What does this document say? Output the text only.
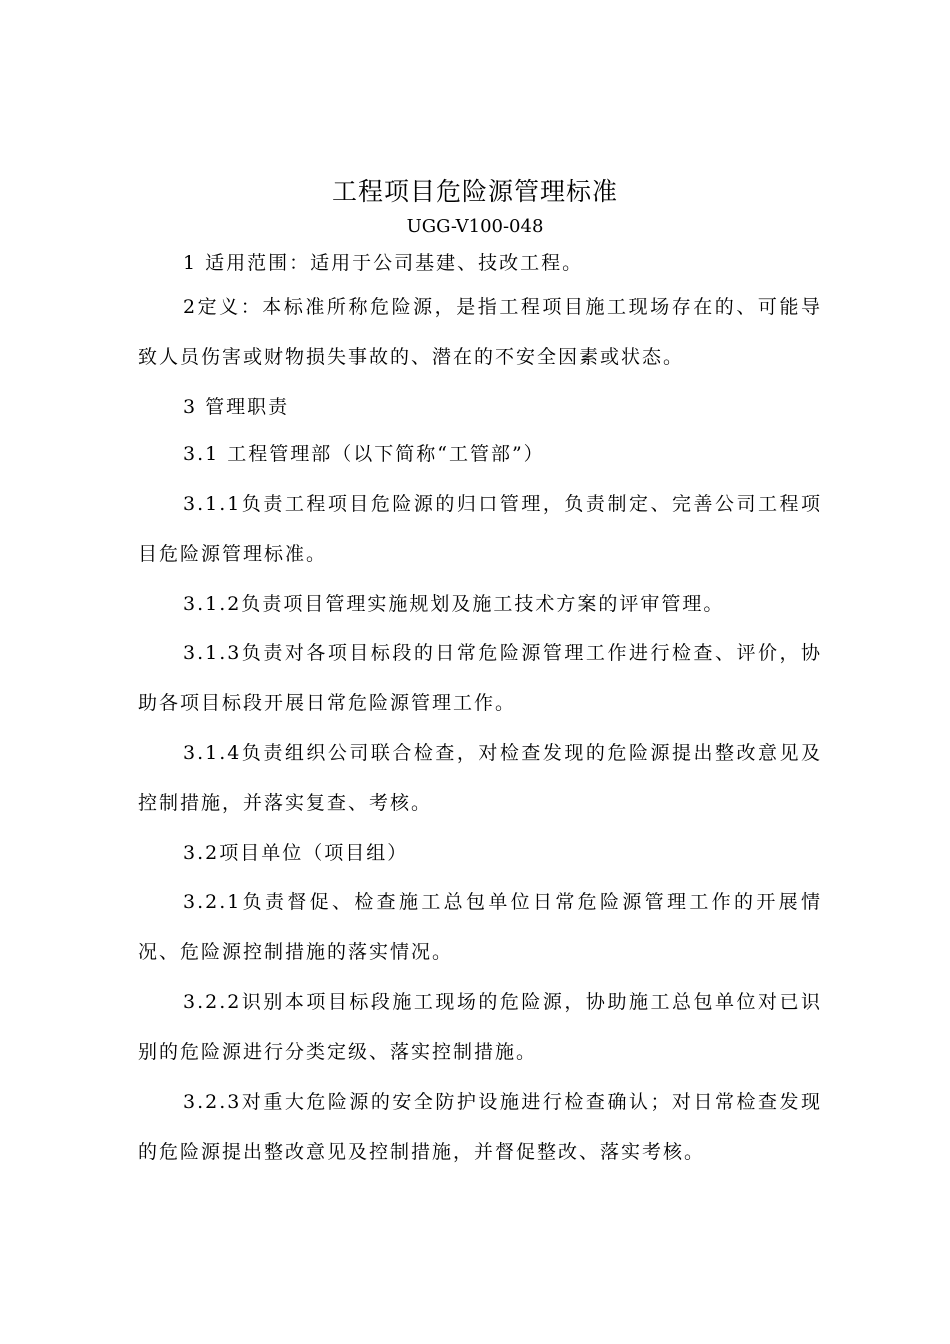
工程项目危险源管理标准
UGG-V100-048

1 适用范围：适用于公司基建、技改工程。

2定义：本标准所称危险源，是指工程项目施工现场存在的、可能导致人员伤害或财物损失事故的、潜在的不安全因素或状态。

3 管理职责

3.1 工程管理部（以下简称“工管部”）

3.1.1负责工程项目危险源的归口管理，负责制定、完善公司工程项目危险源管理标准。

3.1.2负责项目管理实施规划及施工技术方案的评审管理。

3.1.3负责对各项目标段的日常危险源管理工作进行检查、评价，协助各项目标段开展日常危险源管理工作。

3.1.4负责组织公司联合检查，对检查发现的危险源提出整改意见及控制措施，并落实复查、考核。

3.2项目单位（项目组）

3.2.1负责督促、检查施工总包单位日常危险源管理工作的开展情况、危险源控制措施的落实情况。

3.2.2识别本项目标段施工现场的危险源，协助施工总包单位对已识别的危险源进行分类定级、落实控制措施。

3.2.3对重大危险源的安全防护设施进行检查确认；对日常检查发现的危险源提出整改意见及控制措施，并督促整改、落实考核。
